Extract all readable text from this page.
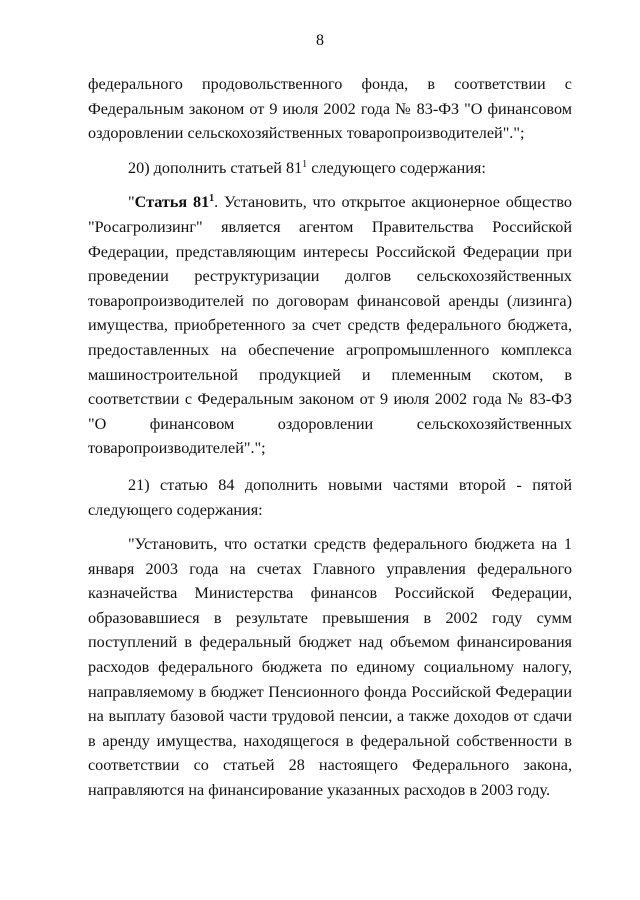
8

федерального продовольственного фонда, в соответствии с Федеральным законом от 9 июля 2002 года № 83-ФЗ "О финансовом оздоровлении сельскохозяйственных товаропроизводителей".";

20) дополнить статьей $81^1$ следующего содержания:

"Статья $81^1$. Установить, что открытое акционерное общество "Росагролизинг" является агентом Правительства Российской Федерации, представляющим интересы Российской Федерации при проведении реструктуризации долгов сельскохозяйственных товаропроизводителей по договорам финансовой аренды (лизинга) имущества, приобретенного за счет средств федерального бюджета, предоставленных на обеспечение агропромышленного комплекса машиностроительной продукцией и племенным скотом, в соответствии с Федеральным законом от 9 июля 2002 года № 83-ФЗ "О финансовом оздоровлении сельскохозяйственных товаропроизводителей".";

21) статью 84 дополнить новыми частями второй - пятой следующего содержания:

"Установить, что остатки средств федерального бюджета на 1 января 2003 года на счетах Главного управления федерального казначейства Министерства финансов Российской Федерации, образовавшиеся в результате превышения в 2002 году сумм поступлений в федеральный бюджет над объемом финансирования расходов федерального бюджета по единому социальному налогу, направляемому в бюджет Пенсионного фонда Российской Федерации на выплату базовой части трудовой пенсии, а также доходов от сдачи в аренду имущества, находящегося в федеральной собственности в соответствии со статьей 28 настоящего Федерального закона, направляются на финансирование указанных расходов в 2003 году.
